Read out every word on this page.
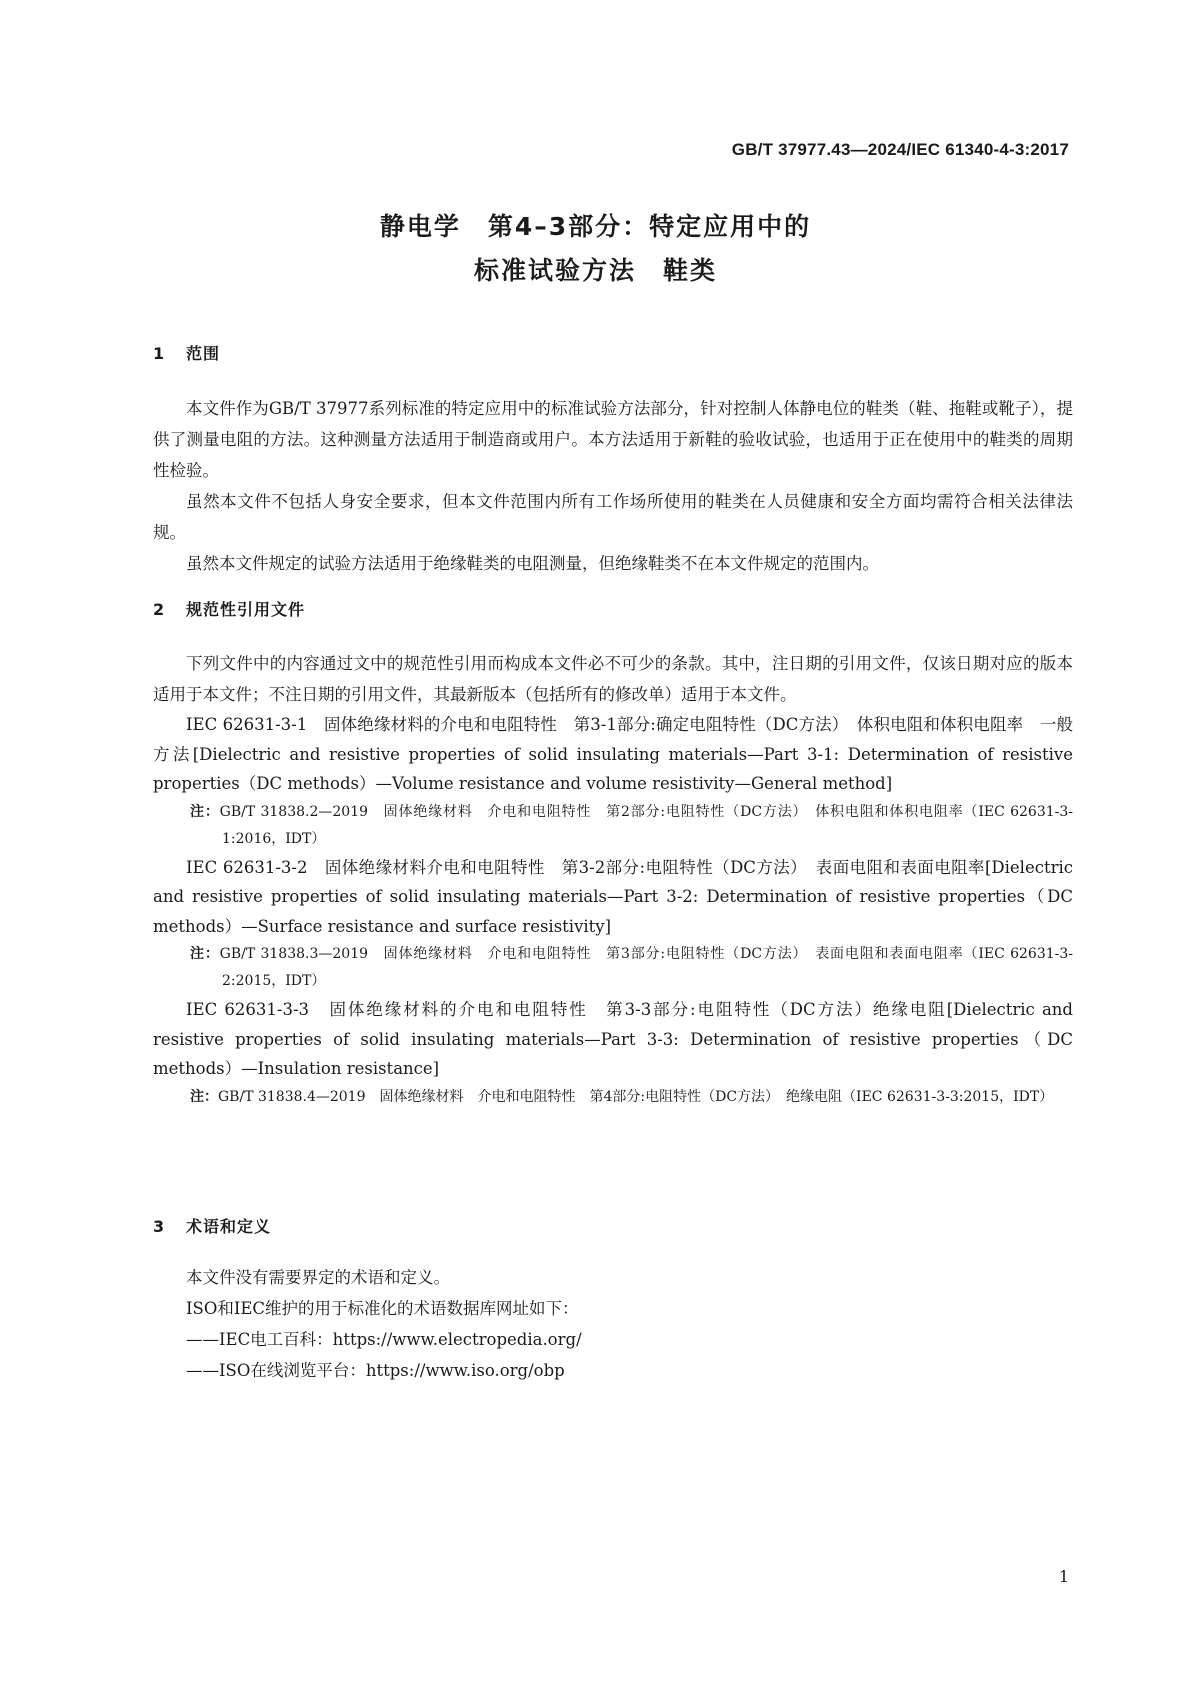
GB/T 37977.43—2024/IEC 61340-4-3:2017
静电学　第4–3部分：特定应用中的
标准试验方法　鞋类
1 范围

本文件作为GB/T 37977系列标准的特定应用中的标准试验方法部分，针对控制人体静电位的鞋类（鞋、拖鞋或靴子），提供了测量电阻的方法。这种测量方法适用于制造商或用户。本方法适用于新鞋的验收试验，也适用于正在使用中的鞋类的周期性检验。

虽然本文件不包括人身安全要求，但本文件范围内所有工作场所使用的鞋类在人员健康和安全方面均需符合相关法律法规。

虽然本文件规定的试验方法适用于绝缘鞋类的电阻测量，但绝缘鞋类不在本文件规定的范围内。

2 规范性引用文件

下列文件中的内容通过文中的规范性引用而构成本文件必不可少的条款。其中，注日期的引用文件，仅该日期对应的版本适用于本文件；不注日期的引用文件，其最新版本（包括所有的修改单）适用于本文件。

IEC 62631-3-1　 固体绝缘材料的介电和电阻特性　第3-1部分:确定电阻特性（DC方法）　体积电阻和体积电阻率　一般方法[Dielectric and resistive properties of solid insulating materials—Part 3-1: Determination of resistive properties（DC methods）—Volume resistance and volume resistivity—General method]

注：GB/T 31838.2—2019　固体绝缘材料　介电和电阻特性　第2部分:电阻特性（DC方法）　体积电阻和体积电阻率（IEC 62631-3-1:2016，IDT）

IEC 62631-3-2　 固体绝缘材料介电和电阻特性　第3-2部分:电阻特性（DC方法）　表面电阻和表面电阻率[Dielectric and resistive properties of solid insulating materials—Part 3-2: Determination of resistive properties（DC methods）—Surface resistance and surface resistivity]

注：GB/T 31838.3—2019　固体绝缘材料　介电和电阻特性　第3部分:电阻特性（DC方法）　表面电阻和表面电阻率（IEC 62631-3-2:2015，IDT）

IEC 62631-3-3　 固体绝缘材料的介电和电阻特性　第3-3部分:电阻特性（DC方法）绝缘电阻[Dielectric and resistive properties of solid insulating materials—Part 3-3: Determination of resistive properties（DC methods）—Insulation resistance]

注：GB/T 31838.4—2019　固体绝缘材料　介电和电阻特性　第4部分:电阻特性（DC方法）　绝缘电阻（IEC 62631-3-3:2015，IDT）

3 术语和定义

本文件没有需要界定的术语和定义。

ISO和IEC维护的用于标准化的术语数据库网址如下：

——IEC电工百科：https://www.electropedia.org/

——ISO在线浏览平台：https://www.iso.org/obp

1
